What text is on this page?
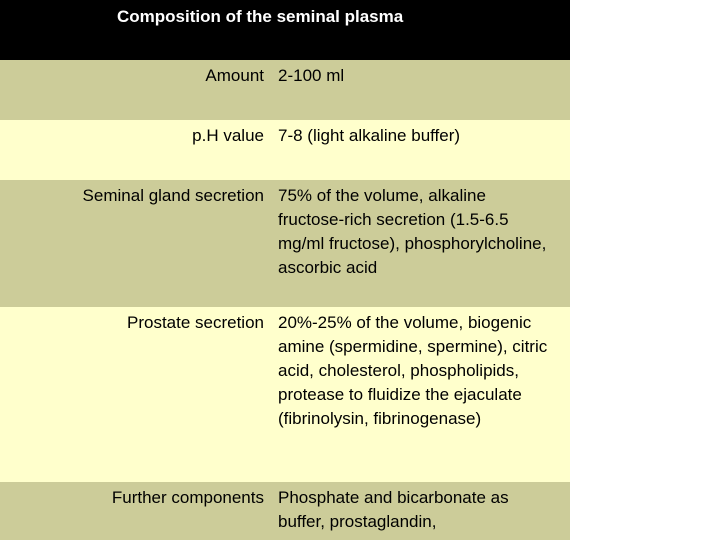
Composition of the seminal plasma
Amount 2-100 ml
p.H value 7-8 (light alkaline buffer)
Seminal gland secretion 75% of the volume, alkaline fructose-rich secretion (1.5-6.5 mg/ml fructose), phosphorylcholine, ascorbic acid
Prostate secretion 20%-25% of the volume, biogenic amine (spermidine, spermine), citric acid, cholesterol, phospholipids, protease to fluidize the ejaculate (fibrinolysin, fibrinogenase)
Further components Phosphate and bicarbonate as buffer, prostaglandin,
